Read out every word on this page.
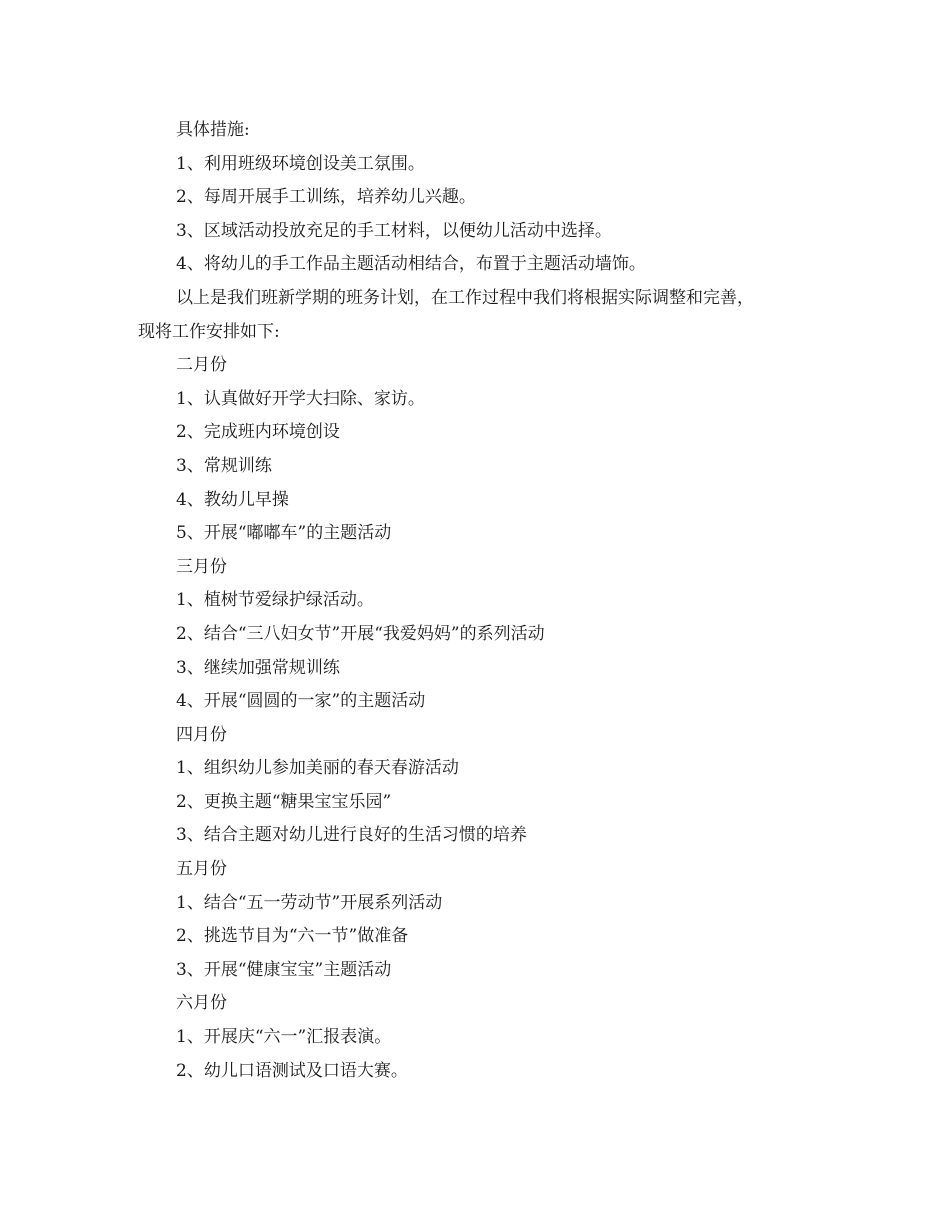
具体措施:

1、利用班级环境创设美工氛围。

2、每周开展手工训练，培养幼儿兴趣。

3、区域活动投放充足的手工材料，以便幼儿活动中选择。

4、将幼儿的手工作品主题活动相结合，布置于主题活动墙饰。

以上是我们班新学期的班务计划，在工作过程中我们将根据实际调整和完善，

现将工作安排如下:

二月份

1、认真做好开学大扫除、家访。

2、完成班内环境创设

3、常规训练

4、教幼儿早操

5、开展“嘟嘟车”的主题活动

三月份

1、植树节爱绿护绿活动。

2、结合“三八妇女节”开展“我爱妈妈”的系列活动

3、继续加强常规训练

4、开展“圆圆的一家”的主题活动

四月份

1、组织幼儿参加美丽的春天春游活动

2、更换主题“糖果宝宝乐园”

3、结合主题对幼儿进行良好的生活习惯的培养

五月份

1、结合“五一劳动节”开展系列活动

2、挑选节目为“六一节”做准备

3、开展“健康宝宝”主题活动

六月份

1、开展庆“六一”汇报表演。

2、幼儿口语测试及口语大赛。
